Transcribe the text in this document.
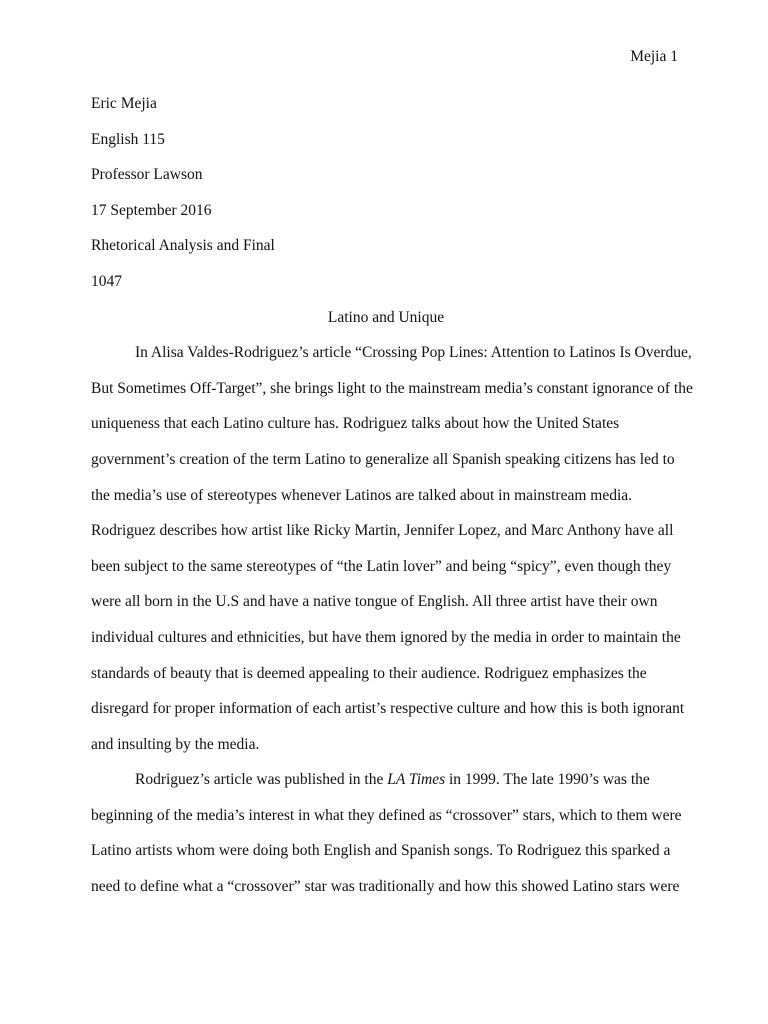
Mejia 1
Eric Mejia
English 115
Professor Lawson
17 September 2016
Rhetorical Analysis and Final
1047
Latino and Unique
In Alisa Valdes-Rodriguez’s article “Crossing Pop Lines: Attention to Latinos Is Overdue,
But Sometimes Off-Target”, she brings light to the mainstream media’s constant ignorance of the
uniqueness that each Latino culture has. Rodriguez talks about how the United States
government’s creation of the term Latino to generalize all Spanish speaking citizens has led to
the media’s use of stereotypes whenever Latinos are talked about in mainstream media.
Rodriguez describes how artist like Ricky Martin, Jennifer Lopez, and Marc Anthony have all
been subject to the same stereotypes of “the Latin lover” and being “spicy”, even though they
were all born in the U.S and have a native tongue of English. All three artist have their own
individual cultures and ethnicities, but have them ignored by the media in order to maintain the
standards of beauty that is deemed appealing to their audience. Rodriguez emphasizes the
disregard for proper information of each artist’s respective culture and how this is both ignorant
and insulting by the media.
Rodriguez’s article was published in the LA Times in 1999. The late 1990’s was the
beginning of the media’s interest in what they defined as “crossover” stars, which to them were
Latino artists whom were doing both English and Spanish songs. To Rodriguez this sparked a
need to define what a “crossover” star was traditionally and how this showed Latino stars were
